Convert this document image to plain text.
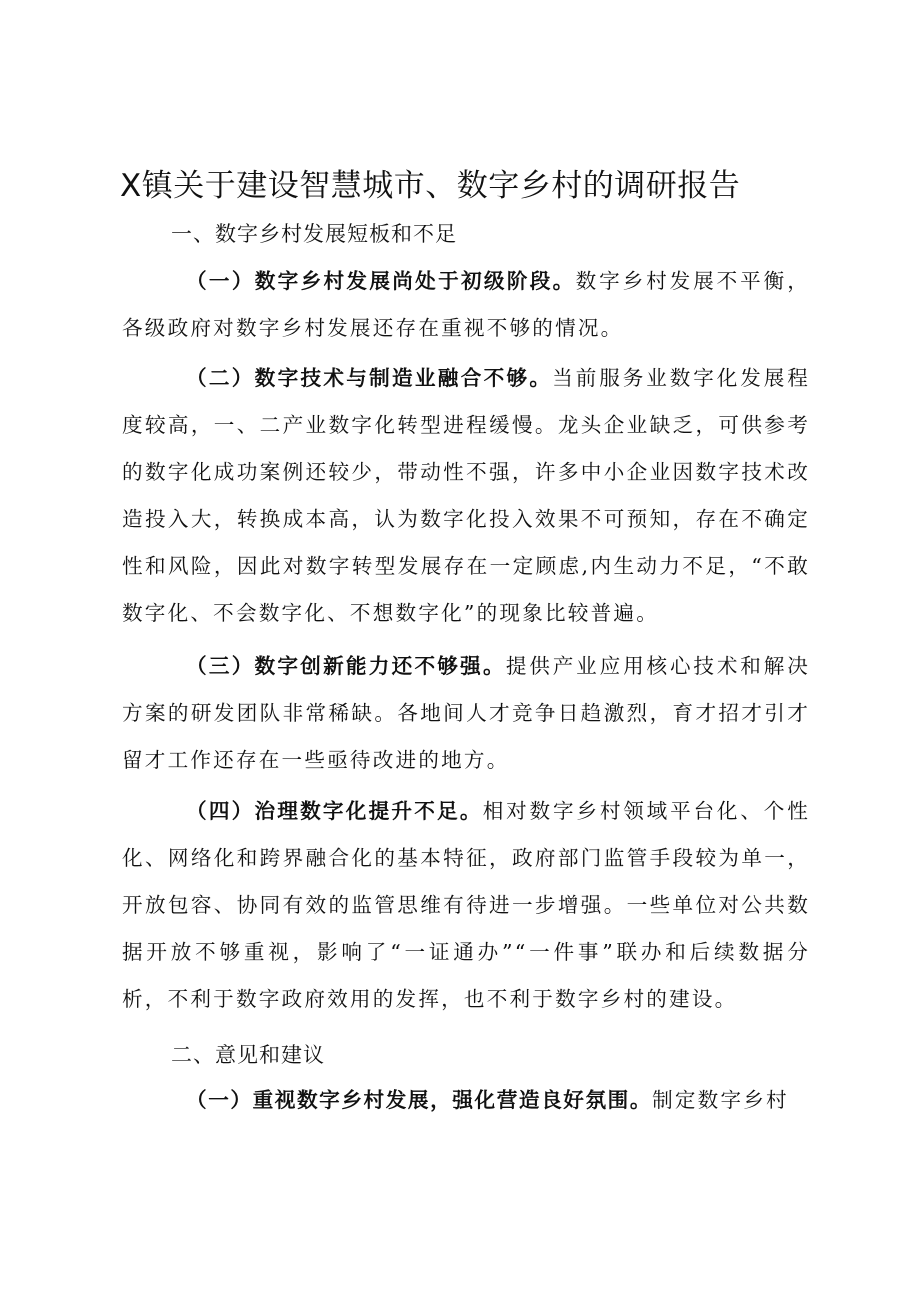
X镇关于建设智慧城市、数字乡村的调研报告
一、数字乡村发展短板和不足

（一）数字乡村发展尚处于初级阶段。数字乡村发展不平衡，各级政府对数字乡村发展还存在重视不够的情况。

（二）数字技术与制造业融合不够。当前服务业数字化发展程度较高，一、二产业数字化转型进程缓慢。龙头企业缺乏，可供参考的数字化成功案例还较少，带动性不强，许多中小企业因数字技术改造投入大，转换成本高，认为数字化投入效果不可预知，存在不确定性和风险，因此对数字转型发展存在一定顾虑,内生动力不足，“不敢数字化、不会数字化、不想数字化”的现象比较普遍。

（三）数字创新能力还不够强。提供产业应用核心技术和解决方案的研发团队非常稀缺。各地间人才竞争日趋激烈，育才招才引才留才工作还存在一些亟待改进的地方。

（四）治理数字化提升不足。相对数字乡村领域平台化、个性化、网络化和跨界融合化的基本特征，政府部门监管手段较为单一，开放包容、协同有效的监管思维有待进一步增强。一些单位对公共数据开放不够重视，影响了“一证通办”“一件事”联办和后续数据分析，不利于数字政府效用的发挥，也不利于数字乡村的建设。

二、意见和建议

（一）重视数字乡村发展，强化营造良好氛围。制定数字乡村
